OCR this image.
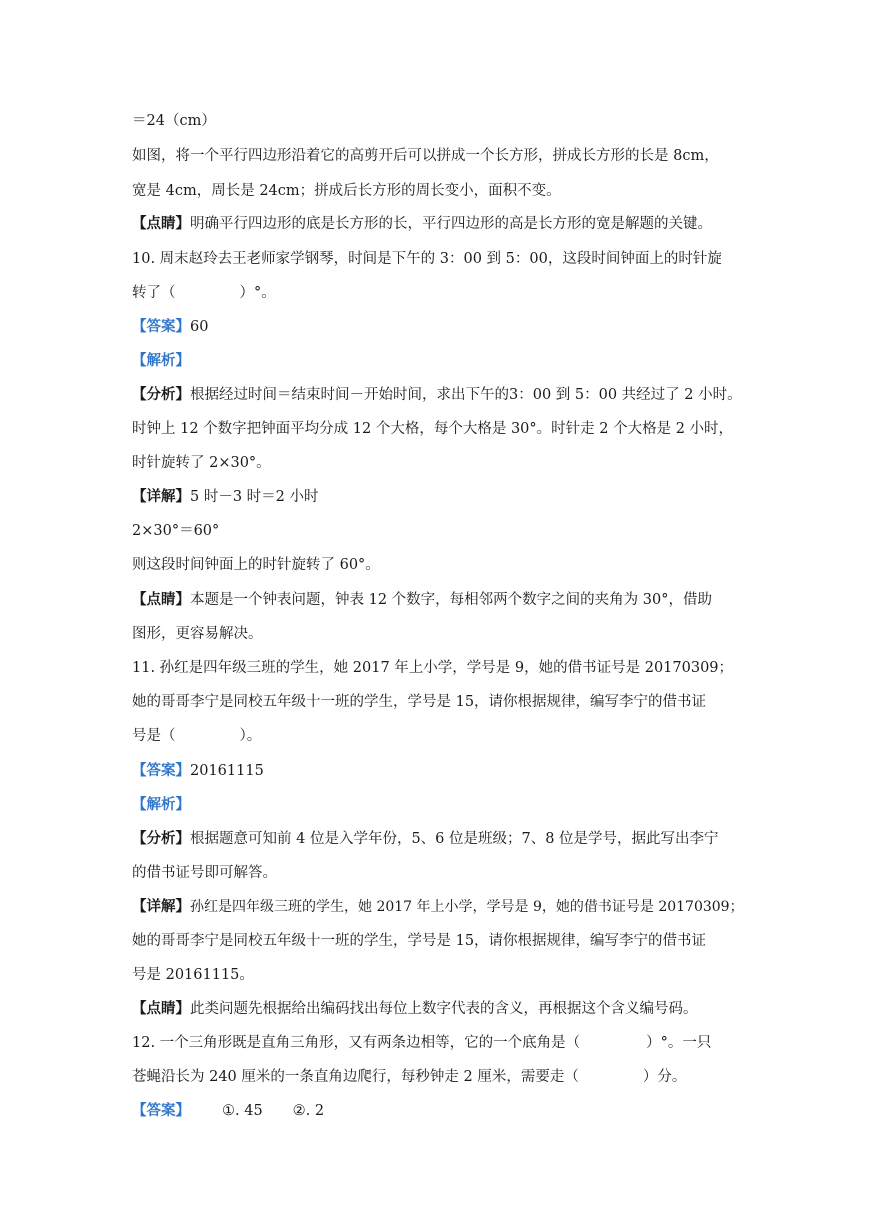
＝24（cm）
如图，将一个平行四边形沿着它的高剪开后可以拼成一个长方形，拼成长方形的长是 8cm，
宽是 4cm，周长是 24cm；拼成后长方形的周长变小，面积不变。
【点睛】明确平行四边形的底是长方形的长，平行四边形的高是长方形的宽是解题的关键。
10. 周末赵玲去王老师家学钢琴，时间是下午的 3：00 到 5：00，这段时间钟面上的时针旋
转了（	）°。
【答案】60
【解析】
【分析】根据经过时间＝结束时间－开始时间，求出下午的3：00 到 5：00 共经过了 2 小时。
时钟上 12 个数字把钟面平均分成 12 个大格，每个大格是 30°。时针走 2 个大格是 2 小时，
时针旋转了 2×30°。
【详解】5 时－3 时＝2 小时
2×30°＝60°
则这段时间钟面上的时针旋转了 60°。
【点睛】本题是一个钟表问题，钟表 12 个数字，每相邻两个数字之间的夹角为 30°，借助
图形，更容易解决。
11. 孙红是四年级三班的学生，她 2017 年上小学，学号是 9，她的借书证号是 20170309；
她的哥哥李宁是同校五年级十一班的学生，学号是 15，请你根据规律，编写李宁的借书证
号是（	）。
【答案】20161115
【解析】
【分析】根据题意可知前 4 位是入学年份，5、6 位是班级；7、8 位是学号，据此写出李宁
的借书证号即可解答。
【详解】孙红是四年级三班的学生，她 2017 年上小学，学号是 9，她的借书证号是 20170309；
她的哥哥李宁是同校五年级十一班的学生，学号是 15，请你根据规律，编写李宁的借书证
号是 20161115。
【点睛】此类问题先根据给出编码找出每位上数字代表的含义，再根据这个含义编号码。
12. 一个三角形既是直角三角形，又有两条边相等，它的一个底角是（	）°。一只
苍蝇沿长为 240 厘米的一条直角边爬行，每秒钟走 2 厘米，需要走（	）分。
【答案】 ①. 45 ②. 2
